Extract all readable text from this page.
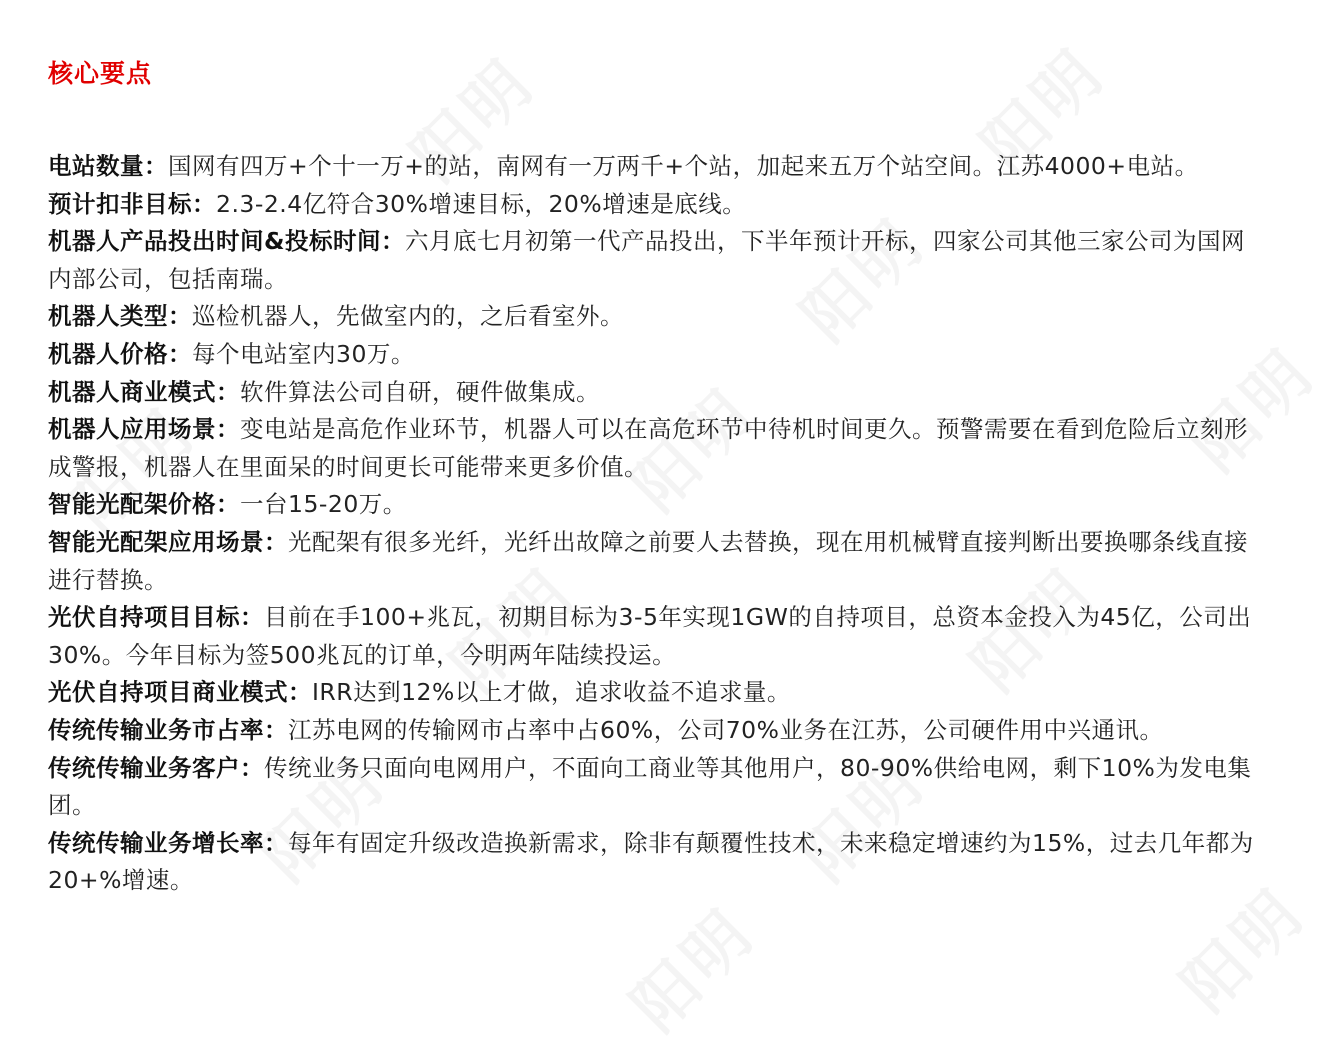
核心要点

电站数量：国网有四万+个十一万+的站，南网有一万两千+个站，加起来五万个站空间。江苏4000+电站。

预计扣非目标：2.3-2.4亿符合30%增速目标，20%增速是底线。

机器人产品投出时间&投标时间：六月底七月初第一代产品投出，下半年预计开标，四家公司其他三家公司为国网内部公司，包括南瑞。

机器人类型：巡检机器人，先做室内的，之后看室外。

机器人价格：每个电站室内30万。

机器人商业模式：软件算法公司自研，硬件做集成。

机器人应用场景：变电站是高危作业环节，机器人可以在高危环节中待机时间更久。预警需要在看到危险后立刻形成警报，机器人在里面呆的时间更长可能带来更多价值。

智能光配架价格：一台15-20万。

智能光配架应用场景：光配架有很多光纤，光纤出故障之前要人去替换，现在用机械臂直接判断出要换哪条线直接进行替换。

光伏自持项目目标：目前在手100+兆瓦，初期目标为3-5年实现1GW的自持项目，总资本金投入为45亿，公司出30%。今年目标为签500兆瓦的订单，今明两年陆续投运。

光伏自持项目商业模式：IRR达到12%以上才做，追求收益不追求量。

传统传输业务市占率：江苏电网的传输网市占率中占60%，公司70%业务在江苏，公司硬件用中兴通讯。

传统传输业务客户：传统业务只面向电网用户，不面向工商业等其他用户，80-90%供给电网，剩下10%为发电集团。

传统传输业务增长率：每年有固定升级改造换新需求，除非有颠覆性技术，未来稳定增速约为15%，过去几年都为20+%增速。
